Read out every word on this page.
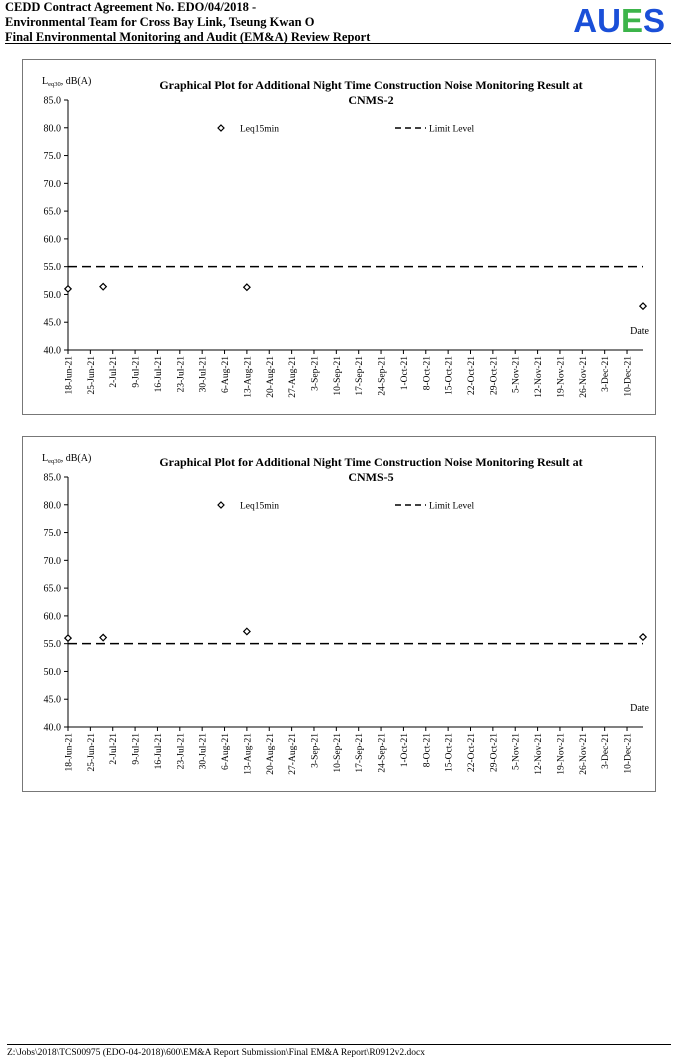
CEDD Contract Agreement No. EDO/04/2018 -
Environmental Team for Cross Bay Link, Tseung Kwan O
Final Environmental Monitoring and Audit (EM&A) Review Report	AUES
40.0
45.0
50.0
55.0
60.0
65.0
70.0
75.0
80.0
85.0
18-Jun-21 25-Jun-21 2-Jul-21 9-Jul-21 16-Jul-21 23-Jul-21 30-Jul-21 6-Aug-21 13-Aug-21 20-Aug-21 27-Aug-21 3-Sep-21 10-Sep-21 17-Sep-21 24-Sep-21 1-Oct-21 8-Oct-21 15-Oct-21 22-Oct-21 29-Oct-21 5-Nov-21 12-Nov-21 19-Nov-21 26-Nov-21 3-Dec-21 10-Dec-21
$L_{eq30}$, dB(A)	Graphical Plot for Additional Night Time Construction Noise Monitoring Result at
CNMS-2
Date
Leq15min	Limit Level
40.0
45.0
50.0
55.0
60.0
65.0
70.0
75.0
80.0
85.0
18-Jun-21 25-Jun-21 2-Jul-21 9-Jul-21 16-Jul-21 23-Jul-21 30-Jul-21 6-Aug-21 13-Aug-21 20-Aug-21 27-Aug-21 3-Sep-21 10-Sep-21 17-Sep-21 24-Sep-21 1-Oct-21 8-Oct-21 15-Oct-21 22-Oct-21 29-Oct-21 5-Nov-21 12-Nov-21 19-Nov-21 26-Nov-21 3-Dec-21 10-Dec-21
$L_{eq30}$, dB(A)	Graphical Plot for Additional Night Time Construction Noise Monitoring Result at
CNMS-5
Date
Leq15min	Limit Level
Z:\Jobs\2018\TCS00975 (EDO-04-2018)\600\EM&A Report Submission\Final EM&A Report\R0912v2.docx
